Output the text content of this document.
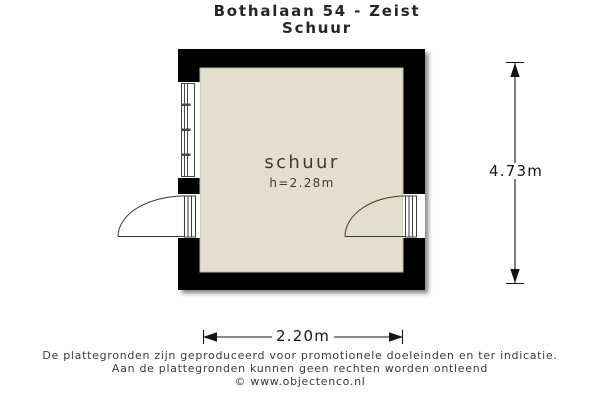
Bothalaan 54 - Zeist
Schuur
schuur
h=2.28m
4.73m
2.20m
De plattegronden zijn geproduceerd voor promotionele doeleinden en ter indicatie.
Aan de plattegronden kunnen geen rechten worden ontleend
© www.objectenco.nl
